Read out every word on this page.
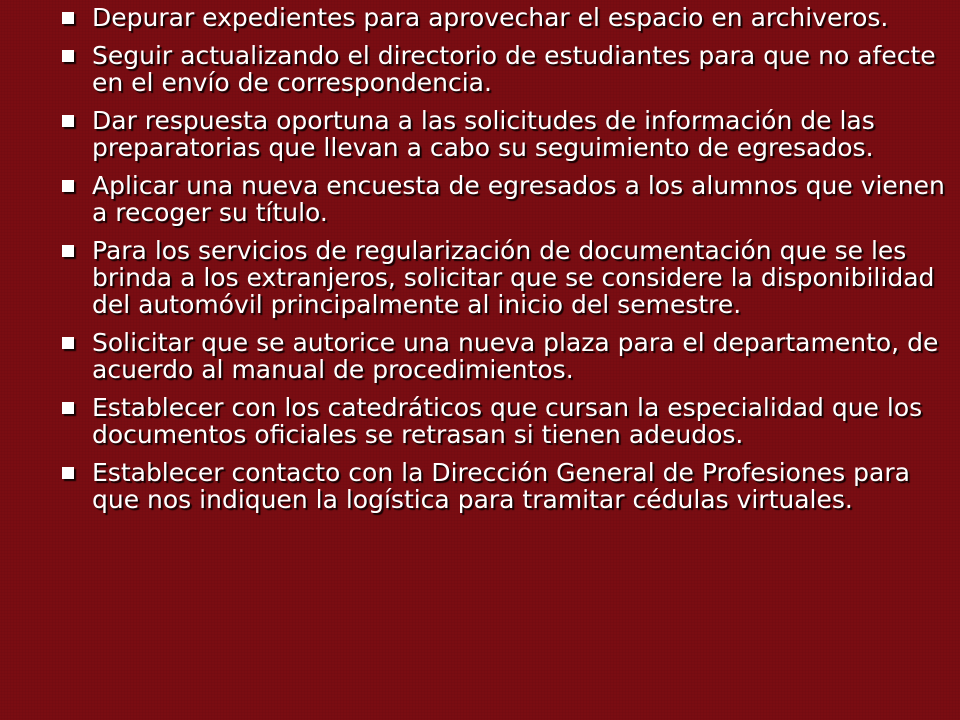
Depurar expedientes para aprovechar el espacio en archiveros.
Seguir actualizando el directorio de estudiantes para que no afecte en el envío de correspondencia.
Dar respuesta oportuna a las solicitudes de información de las preparatorias que llevan a cabo su seguimiento de egresados.
Aplicar una nueva encuesta de egresados a los alumnos que vienen a recoger su título.
Para los servicios de regularización de documentación que se les brinda a los extranjeros, solicitar que se considere la disponibilidad del automóvil principalmente al inicio del semestre.
Solicitar que se autorice una nueva plaza para el departamento, de acuerdo al manual de procedimientos.
Establecer con los catedráticos que cursan la especialidad que los documentos oficiales se retrasan si tienen adeudos.
Establecer contacto con la Dirección General de Profesiones para que nos indiquen la logística para tramitar cédulas virtuales.
